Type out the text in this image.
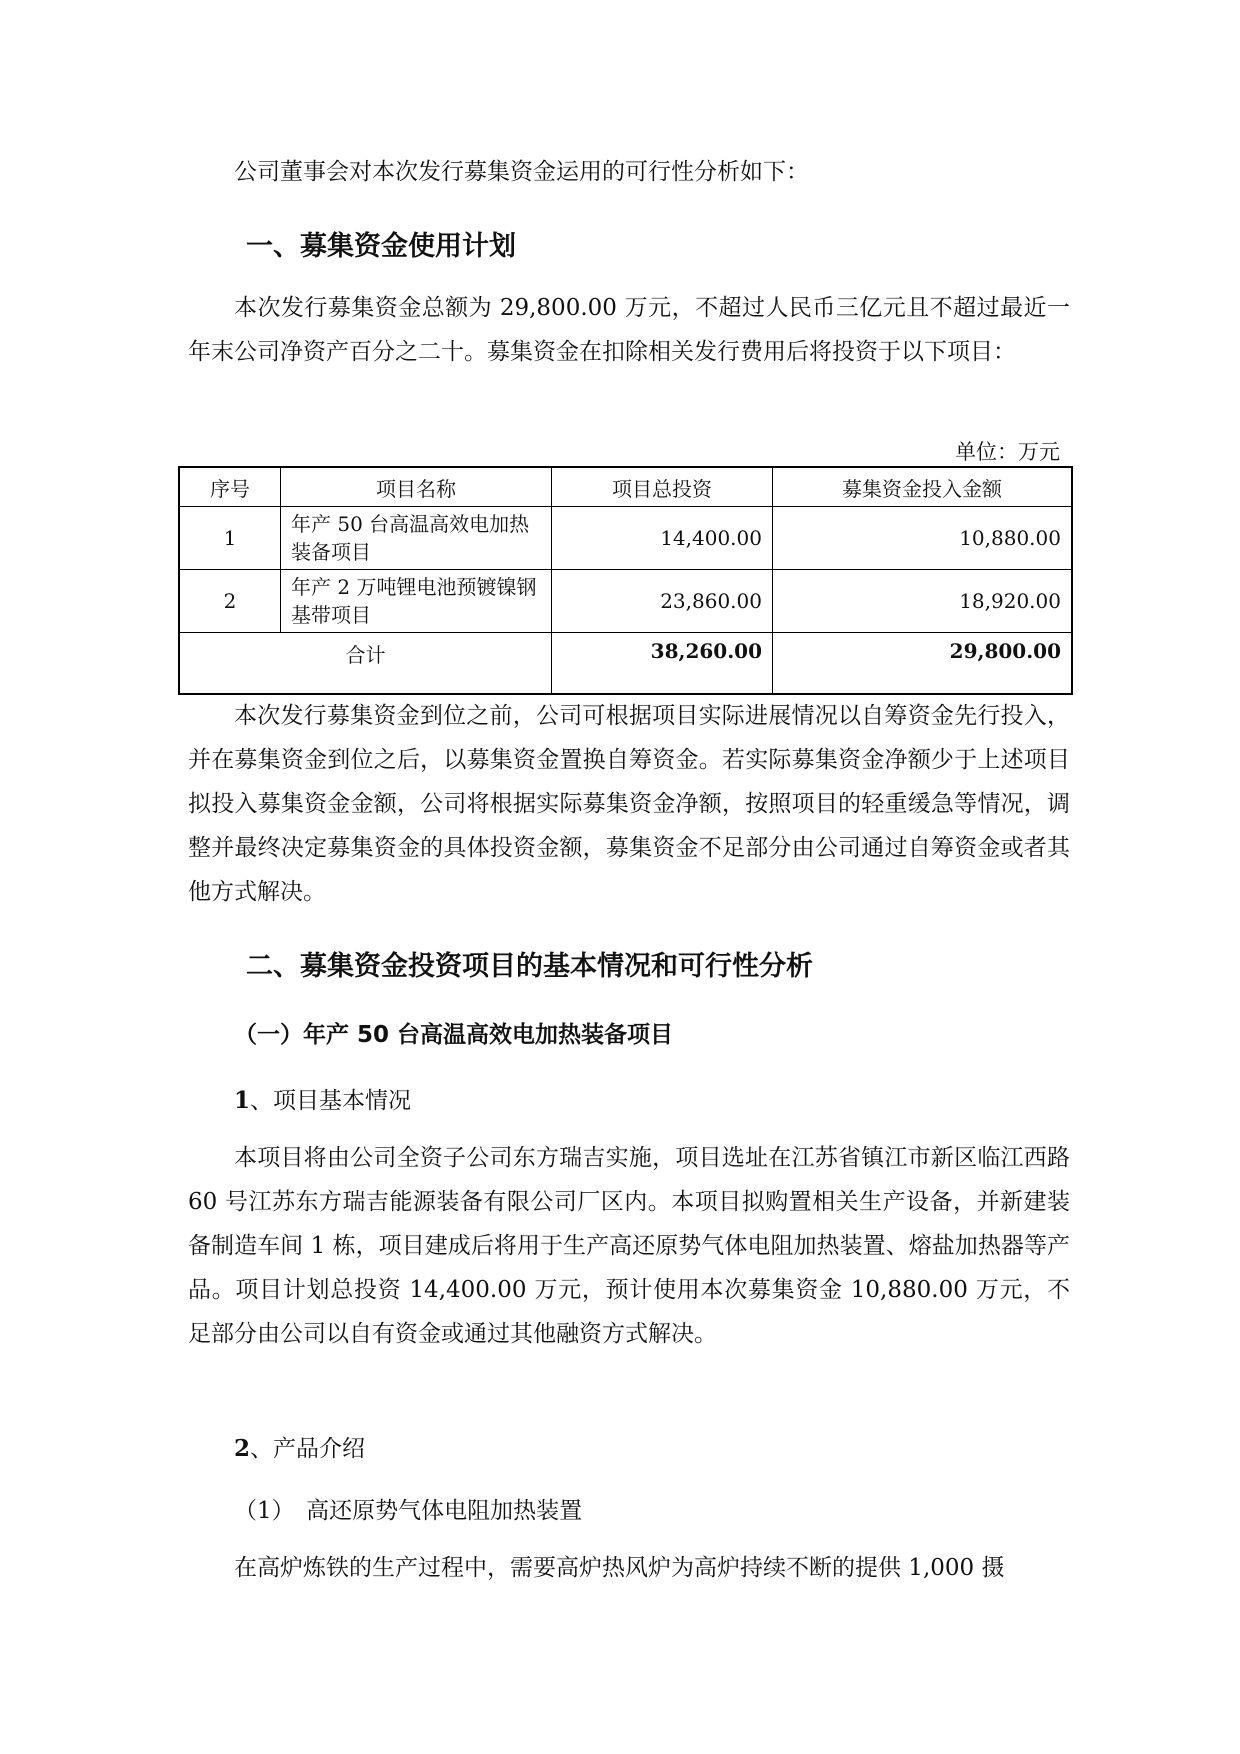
公司董事会对本次发行募集资金运用的可行性分析如下：

一、募集资金使用计划

本次发行募集资金总额为 29,800.00 万元，不超过人民币三亿元且不超过最近一年末公司净资产百分之二十。募集资金在扣除相关发行费用后将投资于以下项目：

单位：万元
序号	项目名称	项目总投资	募集资金投入金额
1	年产 50 台高温高效电加热装备项目	14,400.00	10,880.00
2	年产 2 万吨锂电池预镀镍钢基带项目	23,860.00	18,920.00
合计		38,260.00	29,800.00

本次发行募集资金到位之前，公司可根据项目实际进展情况以自筹资金先行投入，并在募集资金到位之后，以募集资金置换自筹资金。若实际募集资金净额少于上述项目拟投入募集资金金额，公司将根据实际募集资金净额，按照项目的轻重缓急等情况，调整并最终决定募集资金的具体投资金额，募集资金不足部分由公司通过自筹资金或者其他方式解决。

二、募集资金投资项目的基本情况和可行性分析
（一）年产 50 台高温高效电加热装备项目

1、项目基本情况

本项目将由公司全资子公司东方瑞吉实施，项目选址在江苏省镇江市新区临江西路 60 号江苏东方瑞吉能源装备有限公司厂区内。本项目拟购置相关生产设备，并新建装备制造车间 1 栋，项目建成后将用于生产高还原势气体电阻加热装置、熔盐加热器等产品。项目计划总投资 14,400.00 万元，预计使用本次募集资金 10,880.00 万元，不足部分由公司以自有资金或通过其他融资方式解决。

2、产品介绍

（1）　高还原势气体电阻加热装置

在高炉炼铁的生产过程中，需要高炉热风炉为高炉持续不断的提供 1,000 摄
